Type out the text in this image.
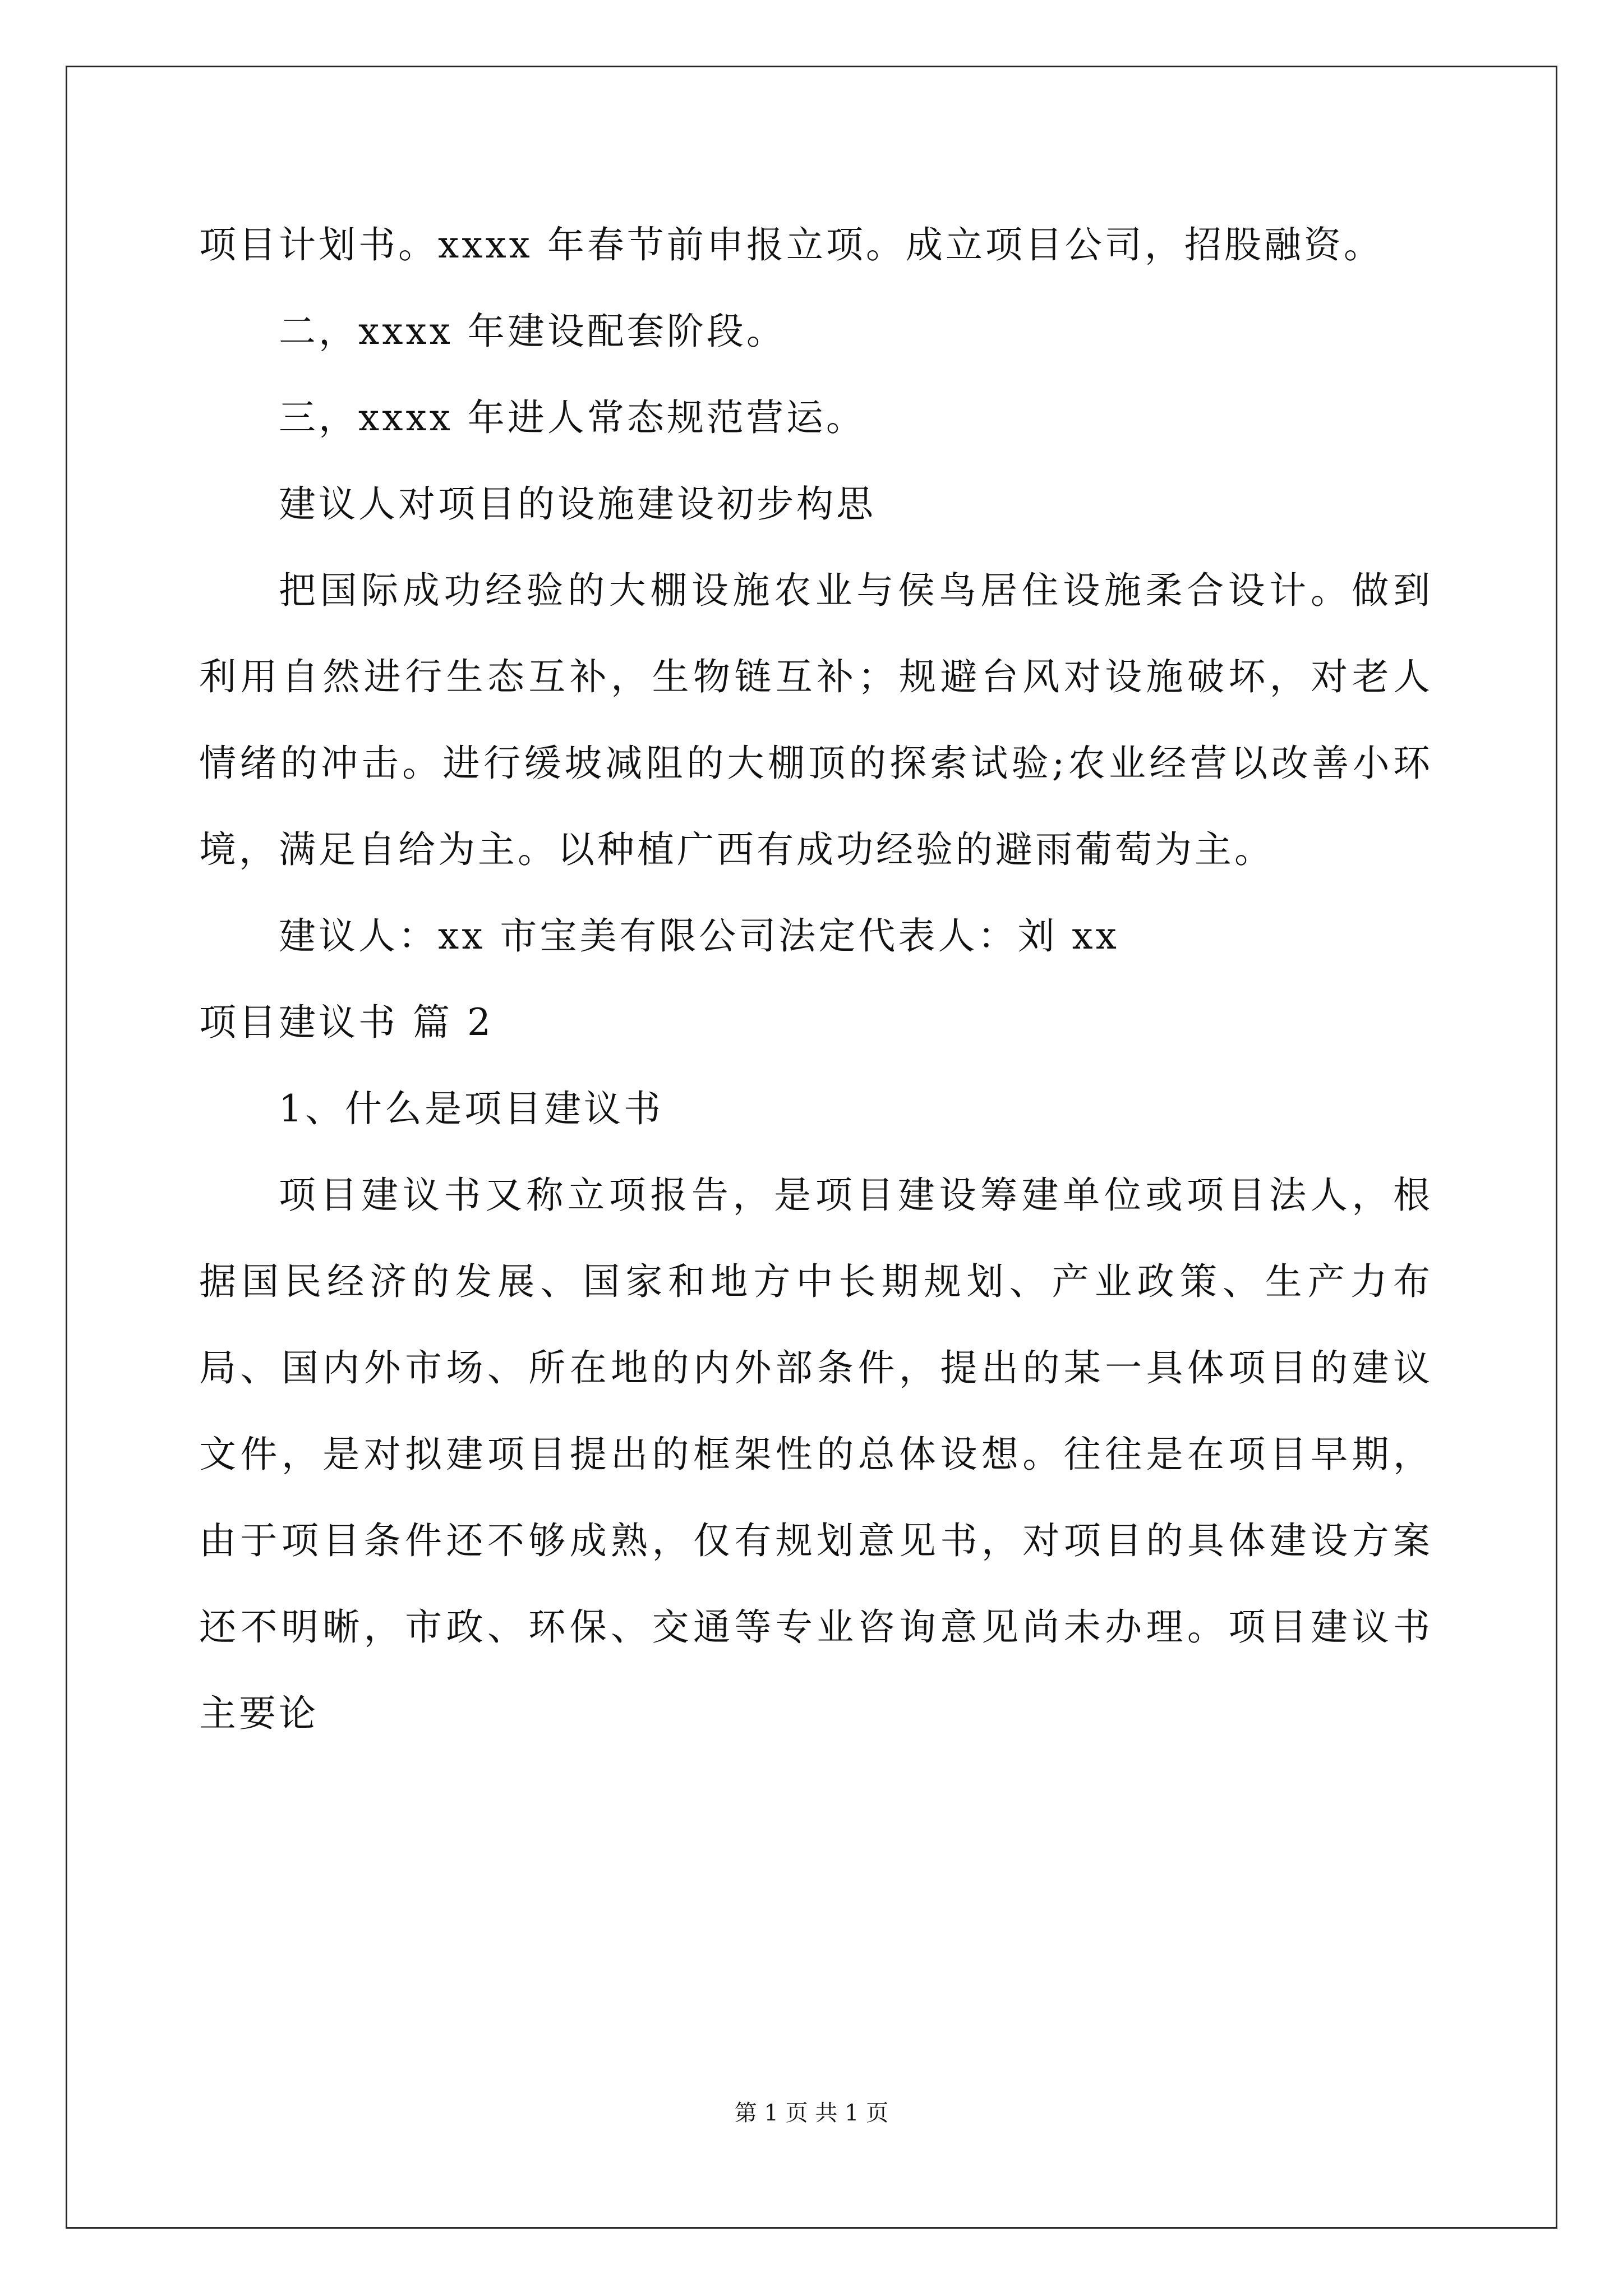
项目计划书。xxxx 年春节前申报立项。成立项目公司，招股融资。

二，xxxx 年建设配套阶段。

三，xxxx 年进人常态规范营运。

建议人对项目的设施建设初步构思

把国际成功经验的大棚设施农业与侯鸟居住设施柔合设计。做到利用自然进行生态互补，生物链互补；规避台风对设施破坏，对老人情绪的冲击。进行缓坡减阻的大棚顶的探索试验;农业经营以改善小环境，满足自给为主。以种植广西有成功经验的避雨葡萄为主。

建议人：xx 市宝美有限公司法定代表人：刘 xx

项目建议书 篇 2

1、什么是项目建议书

项目建议书又称立项报告，是项目建设筹建单位或项目法人，根据国民经济的发展、国家和地方中长期规划、产业政策、生产力布局、国内外市场、所在地的内外部条件，提出的某一具体项目的建议文件，是对拟建项目提出的框架性的总体设想。往往是在项目早期，由于项目条件还不够成熟，仅有规划意见书，对项目的具体建设方案还不明晰，市政、环保、交通等专业咨询意见尚未办理。项目建议书主要论

第 1 页 共 1 页
